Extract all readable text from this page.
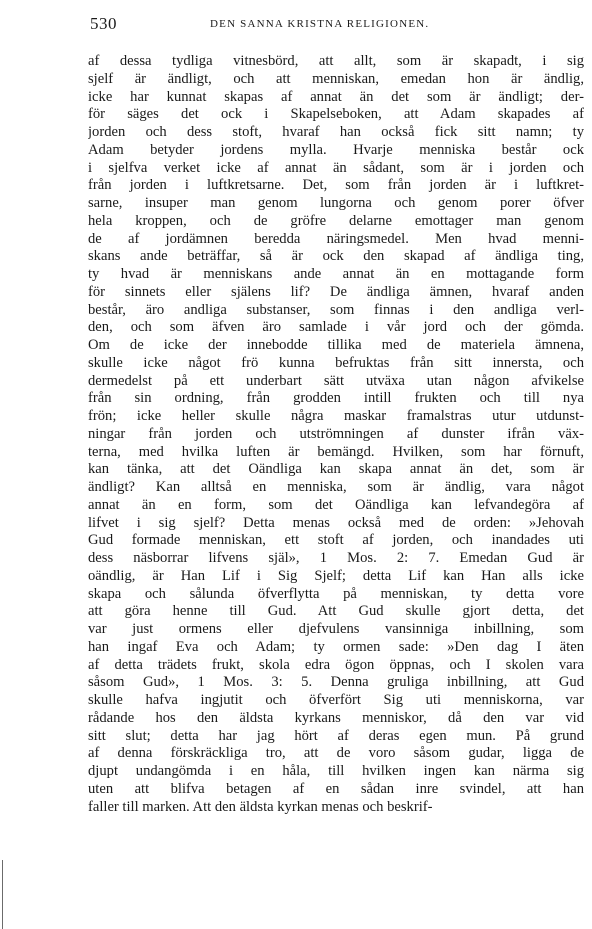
530	DEN SANNA KRISTNA RELIGIONEN.
af dessa tydliga vitnesbörd, att allt, som är skapadt, i sig
sjelf är ändligt, och att menniskan, emedan hon är ändlig,
icke har kunnat skapas af annat än det som är ändligt; der-
för säges det ock i Skapelseboken, att Adam skapades af
jorden och dess stoft, hvaraf han också fick sitt namn; ty
Adam betyder jordens mylla. Hvarje menniska består ock
i sjelfva verket icke af annat än sådant, som är i jorden och
från jorden i luftkretsarne. Det, som från jorden är i luftkret-
sarne, insuper man genom lungorna och genom porer öfver
hela kroppen, och de gröfre delarne emottager man genom
de af jordämnen beredda näringsmedel. Men hvad menni-
skans ande beträffar, så är ock den skapad af ändliga ting,
ty hvad är menniskans ande annat än en mottagande form
för sinnets eller själens lif? De ändliga ämnen, hvaraf anden
består, äro andliga substanser, som finnas i den andliga verl-
den, och som äfven äro samlade i vår jord och der gömda.
Om de icke der innebodde tillika med de materiela ämnena,
skulle icke något frö kunna befruktas från sitt innersta, och
dermedelst på ett underbart sätt utväxa utan någon afvikelse
från sin ordning, från grodden intill frukten och till nya
frön; icke heller skulle några maskar framalstras utur utdunst-
ningar från jorden och utströmningen af dunster ifrån väx-
terna, med hvilka luften är bemängd. Hvilken, som har förnuft,
kan tänka, att det Oändliga kan skapa annat än det, som är
ändligt? Kan alltså en menniska, som är ändlig, vara något
annat än en form, som det Oändliga kan lefvandegöra af
lifvet i sig sjelf? Detta menas också med de orden: »Jehovah
Gud formade menniskan, ett stoft af jorden, och inandades uti
dess näsborrar lifvens själ», 1 Mos. 2: 7. Emedan Gud är
oändlig, är Han Lif i Sig Sjelf; detta Lif kan Han alls icke
skapa och sålunda öfverflytta på menniskan, ty detta vore
att göra henne till Gud. Att Gud skulle gjort detta, det
var just ormens eller djefvulens vansinniga inbillning, som
han ingaf Eva och Adam; ty ormen sade: »Den dag I äten
af detta trädets frukt, skola edra ögon öppnas, och I skolen vara
såsom Gud», 1 Mos. 3: 5. Denna gruliga inbillning, att Gud
skulle hafva ingjutit och öfverfört Sig uti menniskorna, var
rådande hos den äldsta kyrkans menniskor, då den var vid
sitt slut; detta har jag hört af deras egen mun. På grund
af denna förskräckliga tro, att de voro såsom gudar, ligga de
djupt undangömda i en håla, till hvilken ingen kan närma sig
uten att blifva betagen af en sådan inre svindel, att han
faller till marken. Att den äldsta kyrkan menas och beskrif-
